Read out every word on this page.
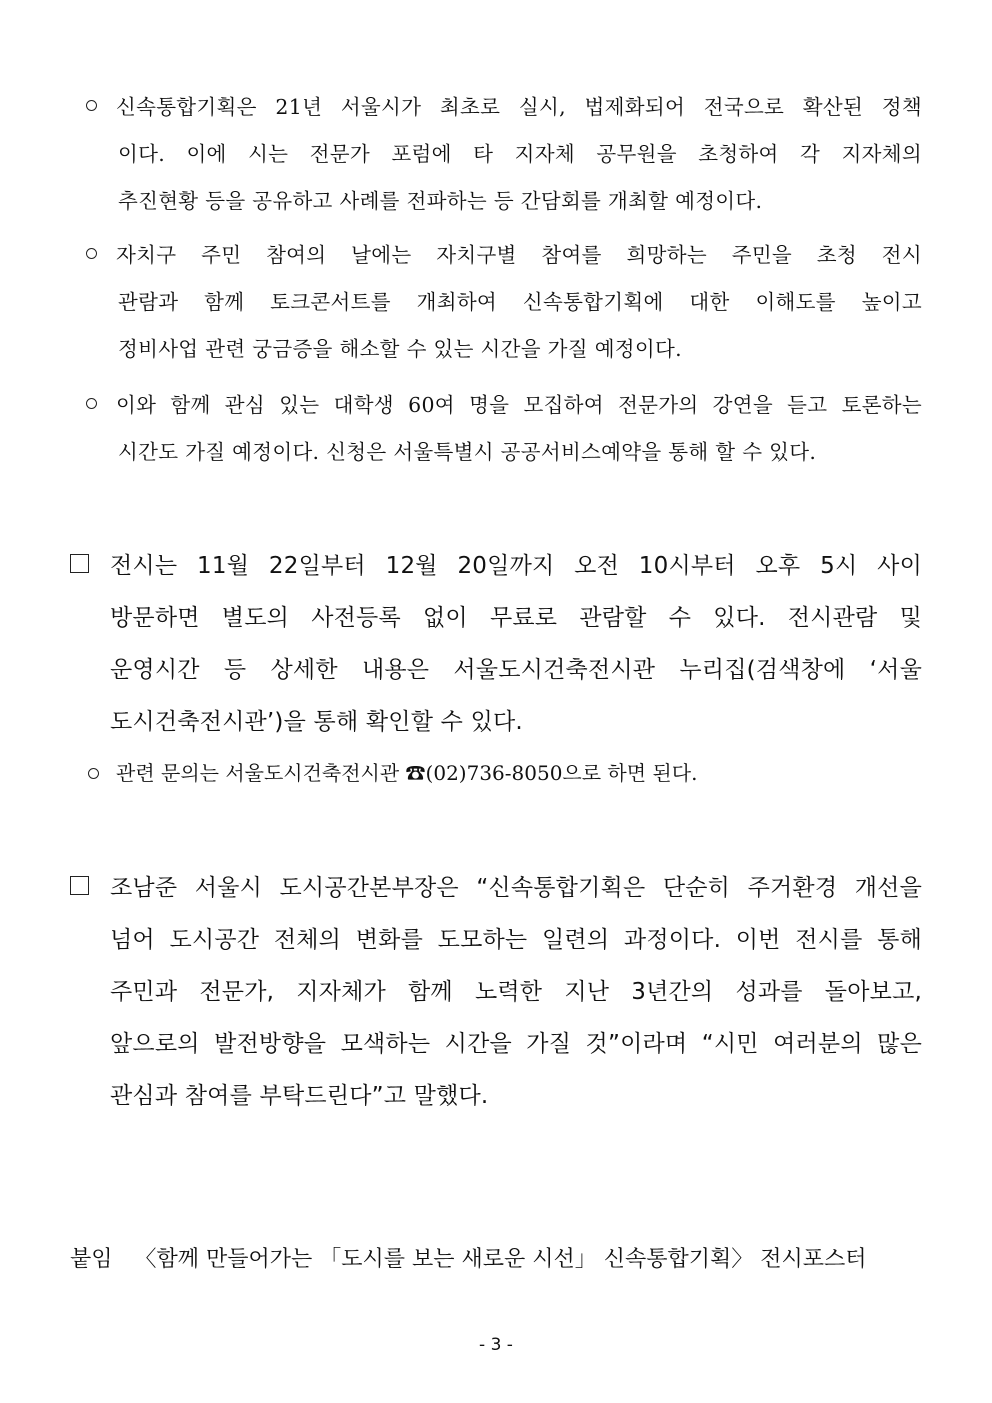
신속통합기획은 21년 서울시가 최초로 실시, 법제화되어 전국으로 확산된 정책
이다. 이에 시는 전문가 포럼에 타 지자체 공무원을 초청하여 각 지자체의
추진현황 등을 공유하고 사례를 전파하는 등 간담회를 개최할 예정이다.
자치구 주민 참여의 날에는 자치구별 참여를 희망하는 주민을 초청 전시
관람과 함께 토크콘서트를 개최하여 신속통합기획에 대한 이해도를 높이고
정비사업 관련 궁금증을 해소할 수 있는 시간을 가질 예정이다.
이와 함께 관심 있는 대학생 60여 명을 모집하여 전문가의 강연을 듣고 토론하는
시간도 가질 예정이다. 신청은 서울특별시 공공서비스예약을 통해 할 수 있다.
전시는 11월 22일부터 12월 20일까지 오전 10시부터 오후 5시 사이
방문하면 별도의 사전등록 없이 무료로 관람할 수 있다. 전시관람 및
운영시간 등 상세한 내용은 서울도시건축전시관 누리집(검색창에 ‘서울
도시건축전시관’)을 통해 확인할 수 있다.
관련 문의는 서울도시건축전시관 ☎(02)736-8050으로 하면 된다.
조남준 서울시 도시공간본부장은 “신속통합기획은 단순히 주거환경 개선을
넘어 도시공간 전체의 변화를 도모하는 일련의 과정이다. 이번 전시를 통해
주민과 전문가, 지자체가 함께 노력한 지난 3년간의 성과를 돌아보고,
앞으로의 발전방향을 모색하는 시간을 가질 것”이라며 “시민 여러분의 많은
관심과 참여를 부탁드린다”고 말했다.
붙임 〈함께 만들어가는 「도시를 보는 새로운 시선」 신속통합기획〉 전시포스터
- 3 -
